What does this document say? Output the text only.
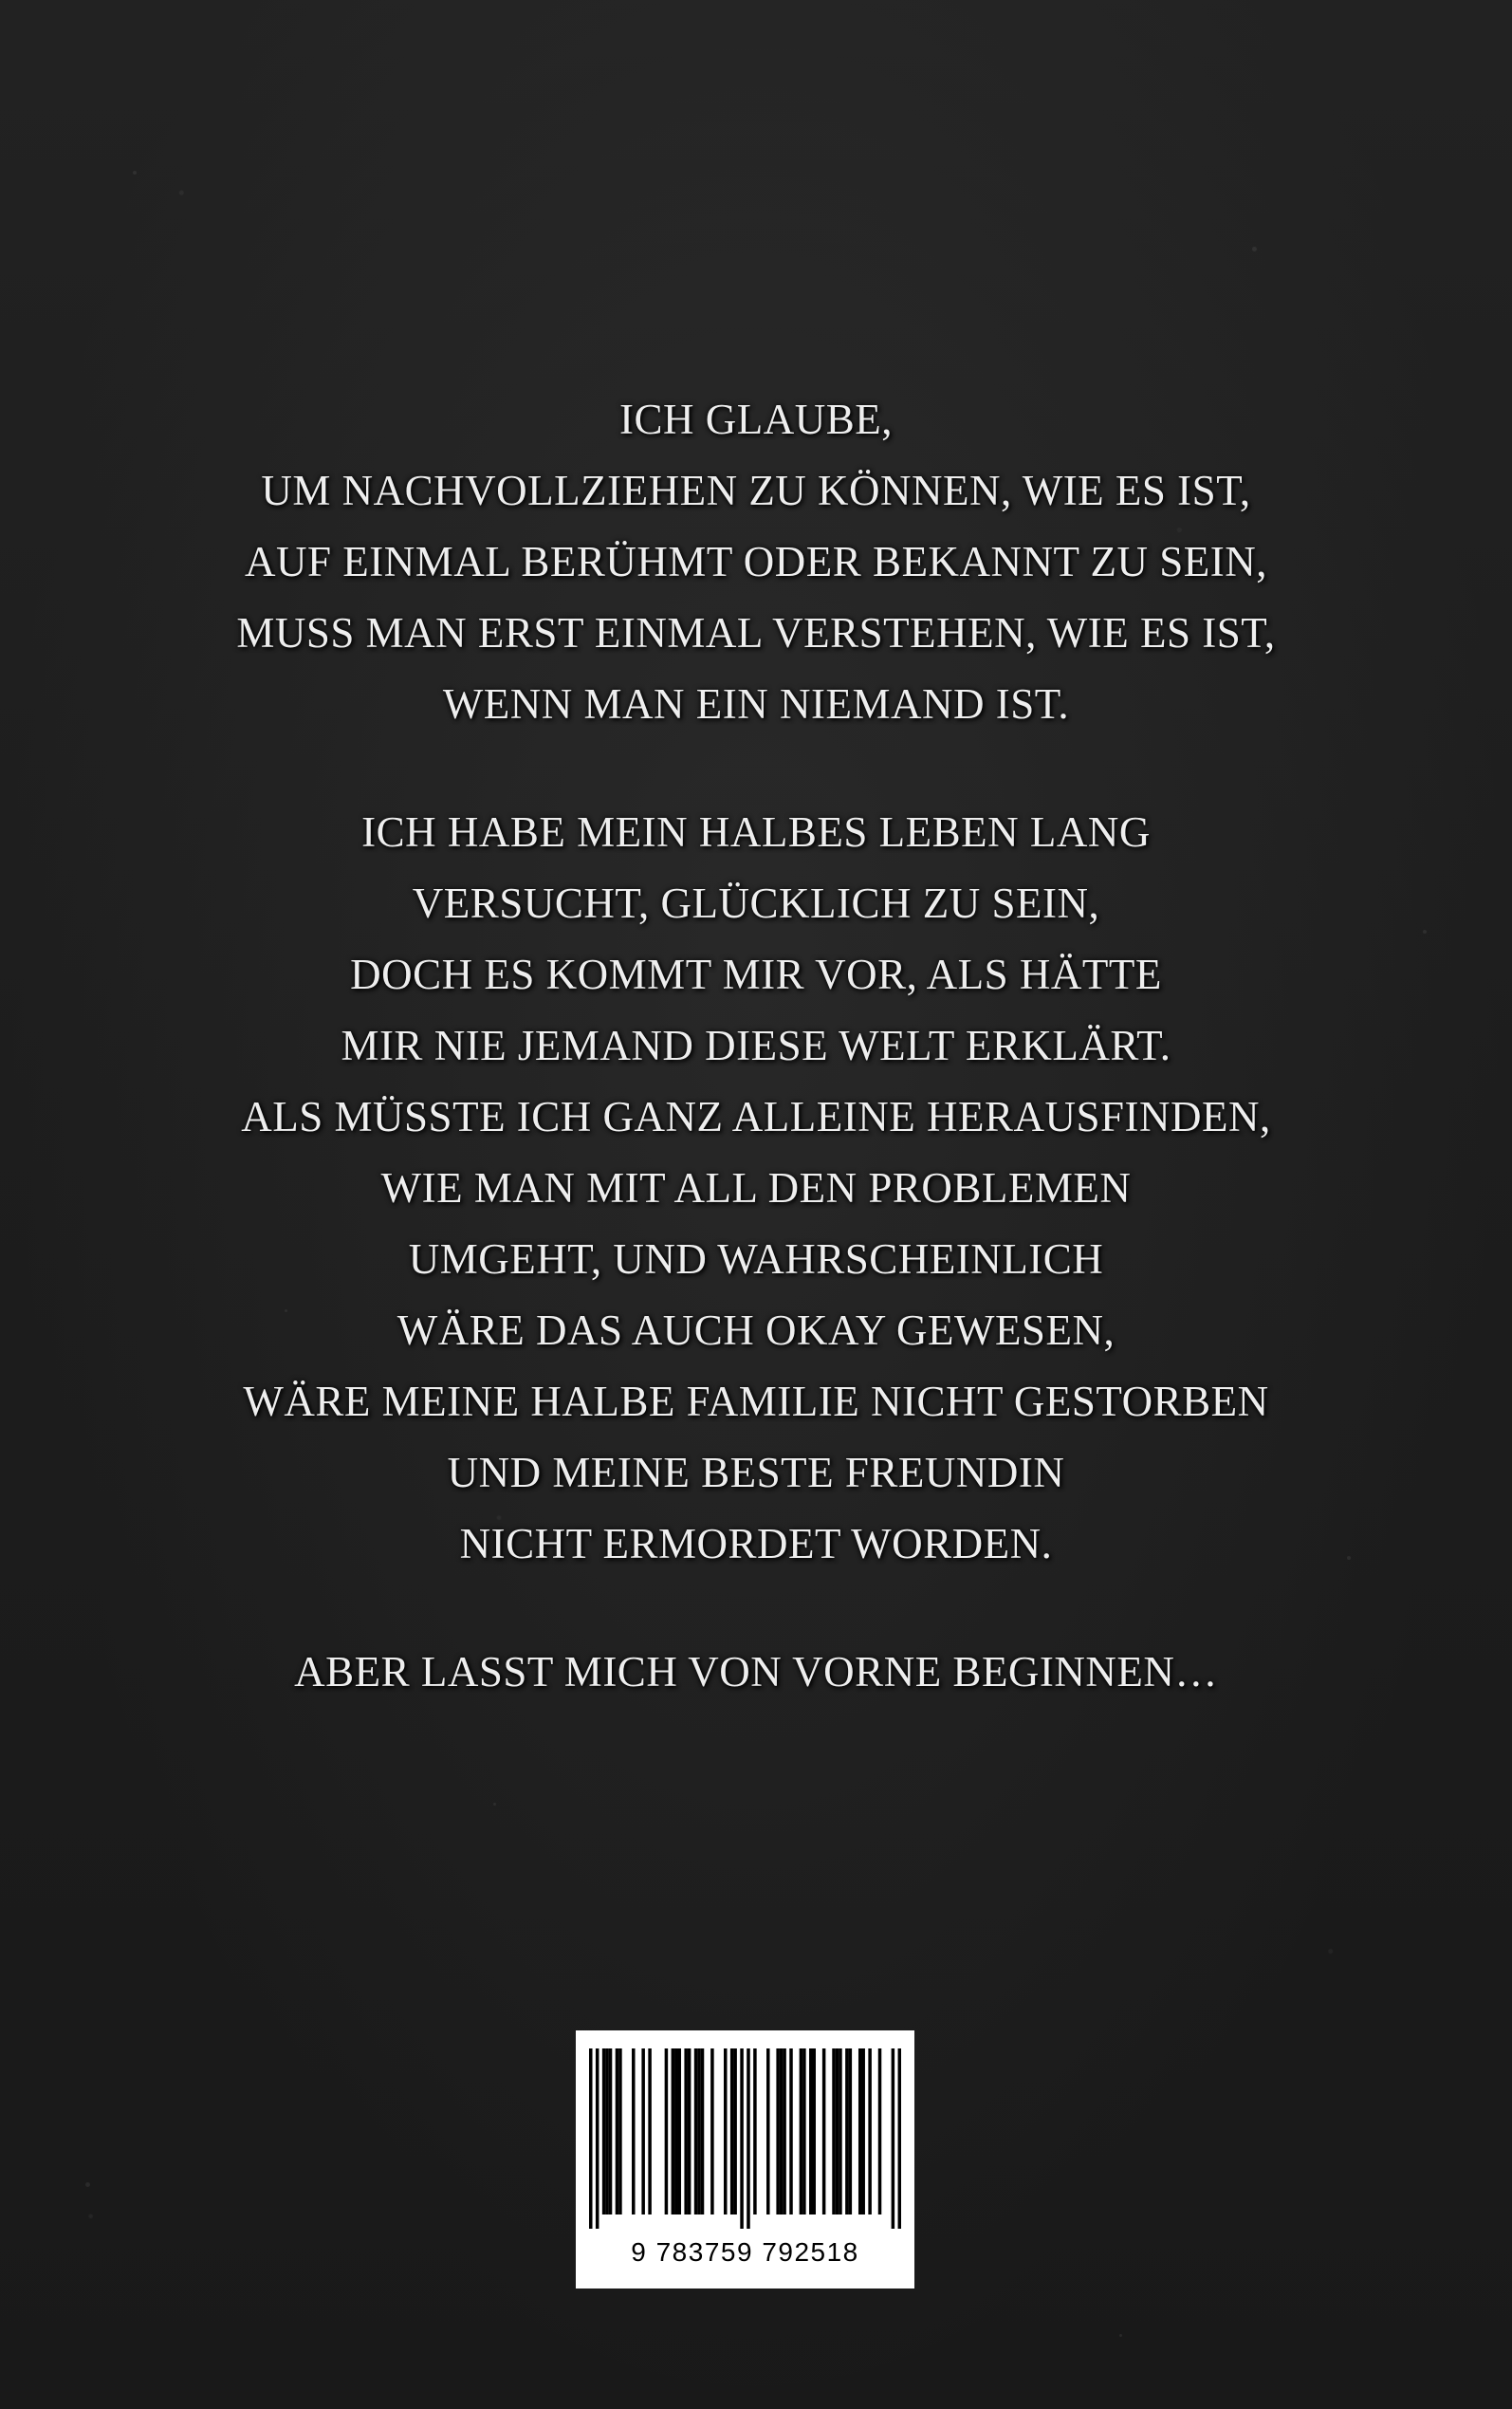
ICH GLAUBE,
UM NACHVOLLZIEHEN ZU KÖNNEN, WIE ES IST,
AUF EINMAL BERÜHMT ODER BEKANNT ZU SEIN,
MUSS MAN ERST EINMAL VERSTEHEN, WIE ES IST,
WENN MAN EIN NIEMAND IST.
ICH HABE MEIN HALBES LEBEN LANG
VERSUCHT, GLÜCKLICH ZU SEIN,
DOCH ES KOMMT MIR VOR, ALS HÄTTE
MIR NIE JEMAND DIESE WELT ERKLÄRT.
ALS MÜSSTE ICH GANZ ALLEINE HERAUSFINDEN,
WIE MAN MIT ALL DEN PROBLEMEN
UMGEHT, UND WAHRSCHEINLICH
WÄRE DAS AUCH OKAY GEWESEN,
WÄRE MEINE HALBE FAMILIE NICHT GESTORBEN
UND MEINE BESTE FREUNDIN
NICHT ERMORDET WORDEN.
ABER LASST MICH VON VORNE BEGINNEN…
9 783759 792518
